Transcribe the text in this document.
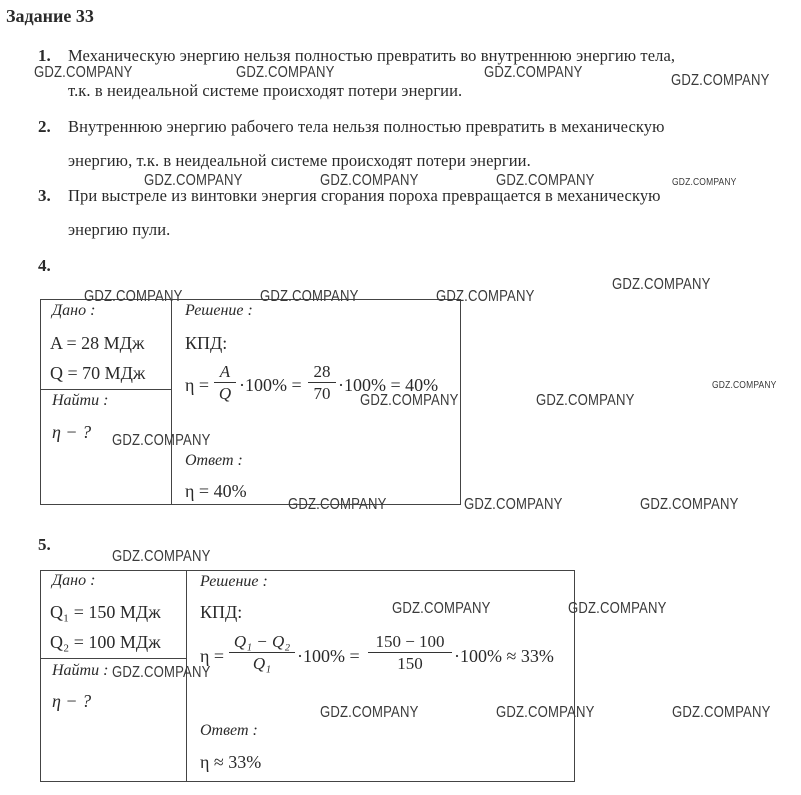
Задание 33
1. Механическую энергию нельзя полностью превратить во внутреннюю энергию тела,
т.к. в неидеальной системе происходят потери энергии.
2. Внутреннюю энергию рабочего тела нельзя полностью превратить в механическую
энергию, т.к. в неидеальной системе происходят потери энергии.
3. При выстреле из винтовки энергия сгорания пороха превращается в механическую
энергию пули.
4.
Дано :
A = 28 МДж
Q = 70 МДж
Найти :
η − ?
Решение :
КПД:
η =
A
Q ·100% =
28
70 ·100% = 40%
Ответ :
η = 40%
5.
Дано :
Q₁ = 150 МДж
Q₂ = 100 МДж
Найти :
η − ?
Решение :
КПД:
η =
Q₁ − Q₂
Q₁	·100% =
150 − 100
150	·100% ≈ 33%
Ответ :
η ≈ 33%
GDZ.COMPANY	GDZ.COMPANY	GDZ.COMPANY	GDZ.COMPANY
GDZ.COMPANY	GDZ.COMPANY	GDZ.COMPANY	GDZ.COMPANY
GDZ.COMPANY
GDZ.COMPANY	GDZ.COMPANY	GDZ.COMPANY
GDZ.COMPANY
GDZ.COMPANY	GDZ.COMPANY
GDZ.COMPANY
GDZ.COMPANY	GDZ.COMPANY	GDZ.COMPANY
GDZ.COMPANY
GDZ.COMPANY	GDZ.COMPANY
GDZ.COMPANY
GDZ.COMPANY	GDZ.COMPANY	GDZ.COMPANY
